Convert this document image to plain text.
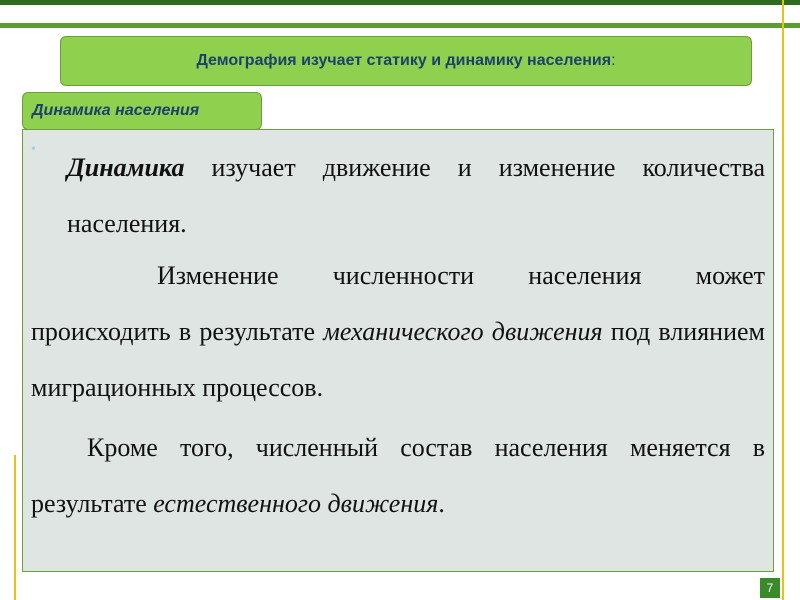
Демография изучает статику и динамику населения :
Динамика населения
•

Динамика изучает движение и изменение количества населения.

Изменение численности населения может происходить в результате механического движения под влиянием миграционных процессов.

Кроме того, численный состав населения меняется в результате естественного движения.

7
